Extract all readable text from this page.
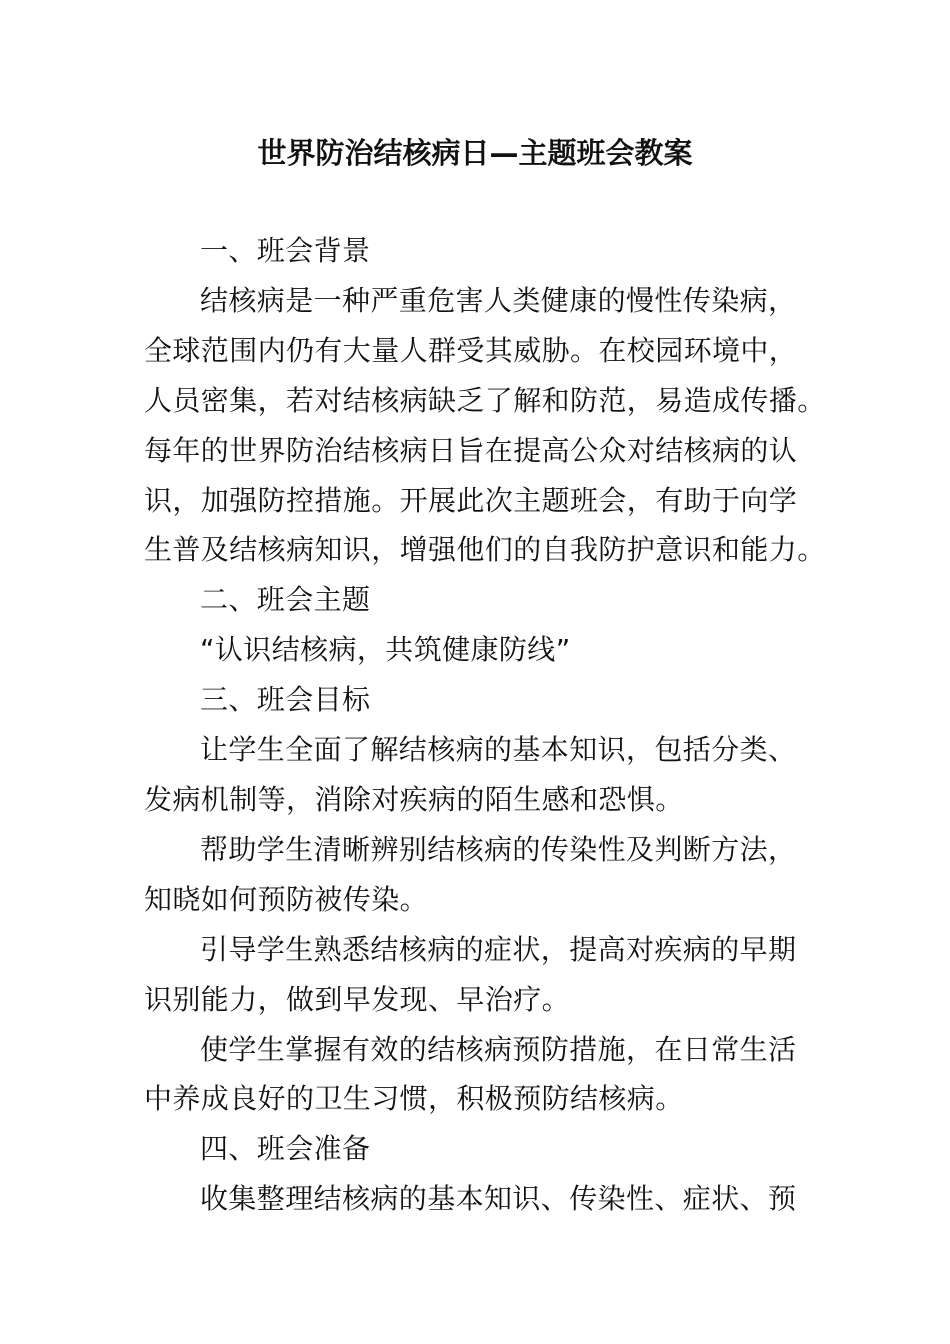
世界防治结核病日—主题班会教案
一、班会背景
结核病是一种严重危害人类健康的慢性传染病，
全球范围内仍有大量人群受其威胁。在校园环境中，
人员密集，若对结核病缺乏了解和防范，易造成传播。
每年的世界防治结核病日旨在提高公众对结核病的认
识，加强防控措施。开展此次主题班会，有助于向学
生普及结核病知识，增强他们的自我防护意识和能力。
二、班会主题
“认识结核病，共筑健康防线”
三、班会目标
让学生全面了解结核病的基本知识，包括分类、
发病机制等，消除对疾病的陌生感和恐惧。
帮助学生清晰辨别结核病的传染性及判断方法，
知晓如何预防被传染。
引导学生熟悉结核病的症状，提高对疾病的早期
识别能力，做到早发现、早治疗。
使学生掌握有效的结核病预防措施，在日常生活
中养成良好的卫生习惯，积极预防结核病。
四、班会准备
收集整理结核病的基本知识、传染性、症状、预
